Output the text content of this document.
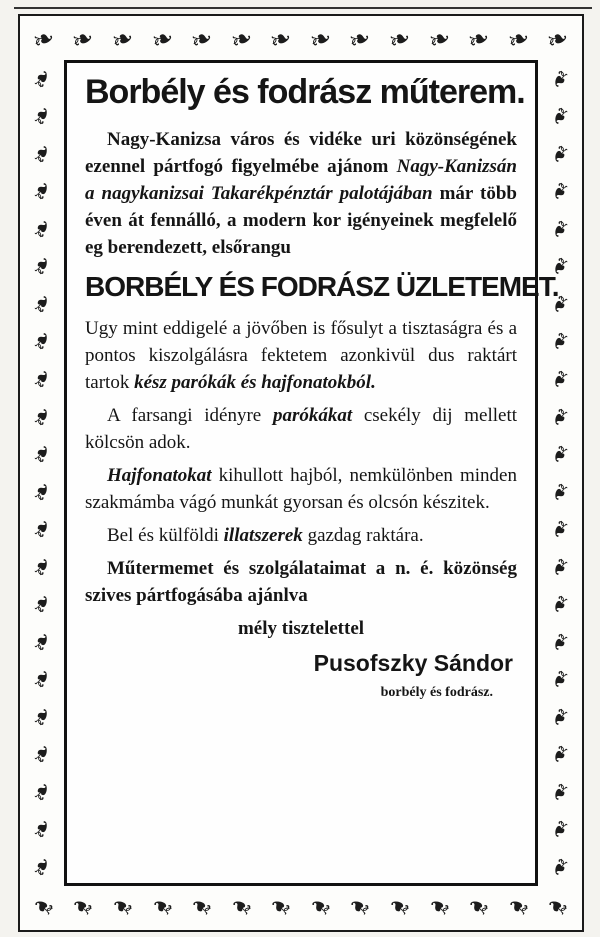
❧ ❧ ❧ ❧ ❧ ❧ ❧ ❧ ❧ ❧ ❧ ❧ ❧ ❧
❧ ❧ ❧ ❧ ❧ ❧ ❧ ❧ ❧ ❧ ❧ ❧ ❧ ❧
❧
❧
❧
❧
❧
❧
❧
❧
❧
❧
❧
❧
❧
❧
❧
❧
❧
❧
❧
❧
❧
❧
❧
❧
❧
❧
❧
❧
❧
❧
❧
❧
❧
❧
❧
❧
❧
❧
❧
❧
❧
❧
❧
❧
Borbély és fodrász műterem.

Nagy-Kanizsa város és vidéke uri közönségének ezennel pártfogó figyelmébe ajánom Nagy-Kanizsán a nagykanizsai Takarékpénztár palotájában már több éven át fennálló, a modern kor igényeinek megfelelő eg berendezett, elsőrangu

BORBÉLY ÉS FODRÁSZ ÜZLETEMET.

Ugy mint eddigelé a jövőben is fősulyt a tisztaságra és a pontos kiszolgálásra fektetem azonkivül dus raktárt tartok kész parókák és hajfonatokból.

A farsangi idényre parókákat csekély dij mellett kölcsön adok.

Hajfonatokat kihullott hajból, nemkülönben minden szakmámba vágó munkát gyorsan és olcsón készitek.

Bel és külföldi illatszerek gazdag raktára.

Műtermemet és szolgálataimat a n. é. közönség szives pártfogásába ajánlva

mély tisztelettel
Pusofszky Sándor
borbély és fodrász.
